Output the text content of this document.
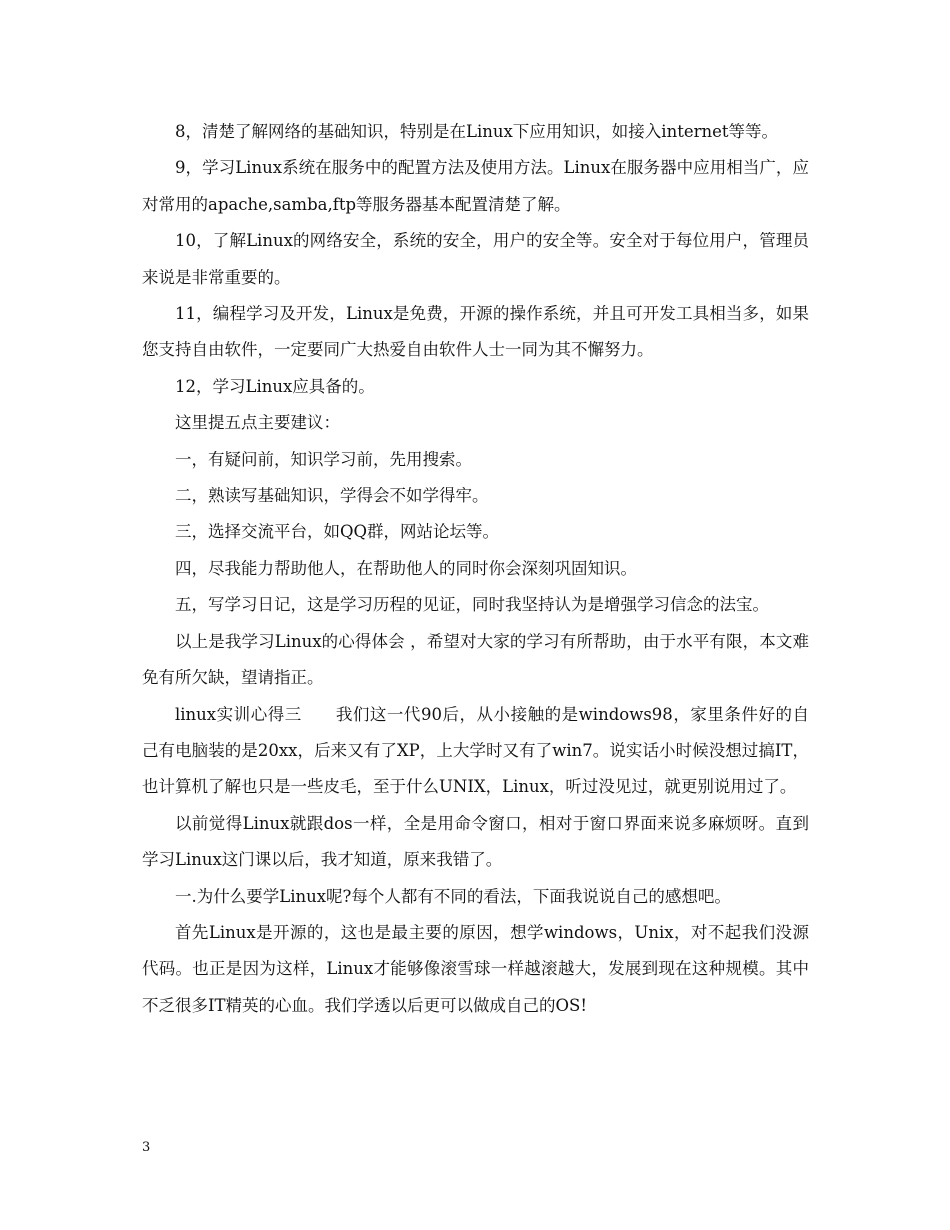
8，清楚了解网络的基础知识，特别是在Linux下应用知识，如接入internet等等。

9，学习Linux系统在服务中的配置方法及使用方法。Linux在服务器中应用相当广，应对常用的apache,samba,ftp等服务器基本配置清楚了解。

10，了解Linux的网络安全，系统的安全，用户的安全等。安全对于每位用户，管理员来说是非常重要的。

11，编程学习及开发，Linux是免费，开源的操作系统，并且可开发工具相当多，如果您支持自由软件，一定要同广大热爱自由软件人士一同为其不懈努力。

12，学习Linux应具备的。

这里提五点主要建议：

一，有疑问前，知识学习前，先用搜索。

二，熟读写基础知识，学得会不如学得牢。

三，选择交流平台，如QQ群，网站论坛等。

四，尽我能力帮助他人，在帮助他人的同时你会深刻巩固知识。

五，写学习日记，这是学习历程的见证，同时我坚持认为是增强学习信念的法宝。

以上是我学习Linux的心得体会 ，希望对大家的学习有所帮助，由于水平有限，本文难免有所欠缺，望请指正。

linux实训心得三　　我们这一代90后，从小接触的是windows98，家里条件好的自己有电脑装的是20xx，后来又有了XP，上大学时又有了win7。说实话小时候没想过搞IT，也计算机了解也只是一些皮毛，至于什么UNIX，Linux，听过没见过，就更别说用过了。

以前觉得Linux就跟dos一样，全是用命令窗口，相对于窗口界面来说多麻烦呀。直到学习Linux这门课以后，我才知道，原来我错了。

一.为什么要学Linux呢?每个人都有不同的看法，下面我说说自己的感想吧。

首先Linux是开源的，这也是最主要的原因，想学windows，Unix，对不起我们没源代码。也正是因为这样，Linux才能够像滚雪球一样越滚越大，发展到现在这种规模。其中不乏很多IT精英的心血。我们学透以后更可以做成自己的OS!

3
